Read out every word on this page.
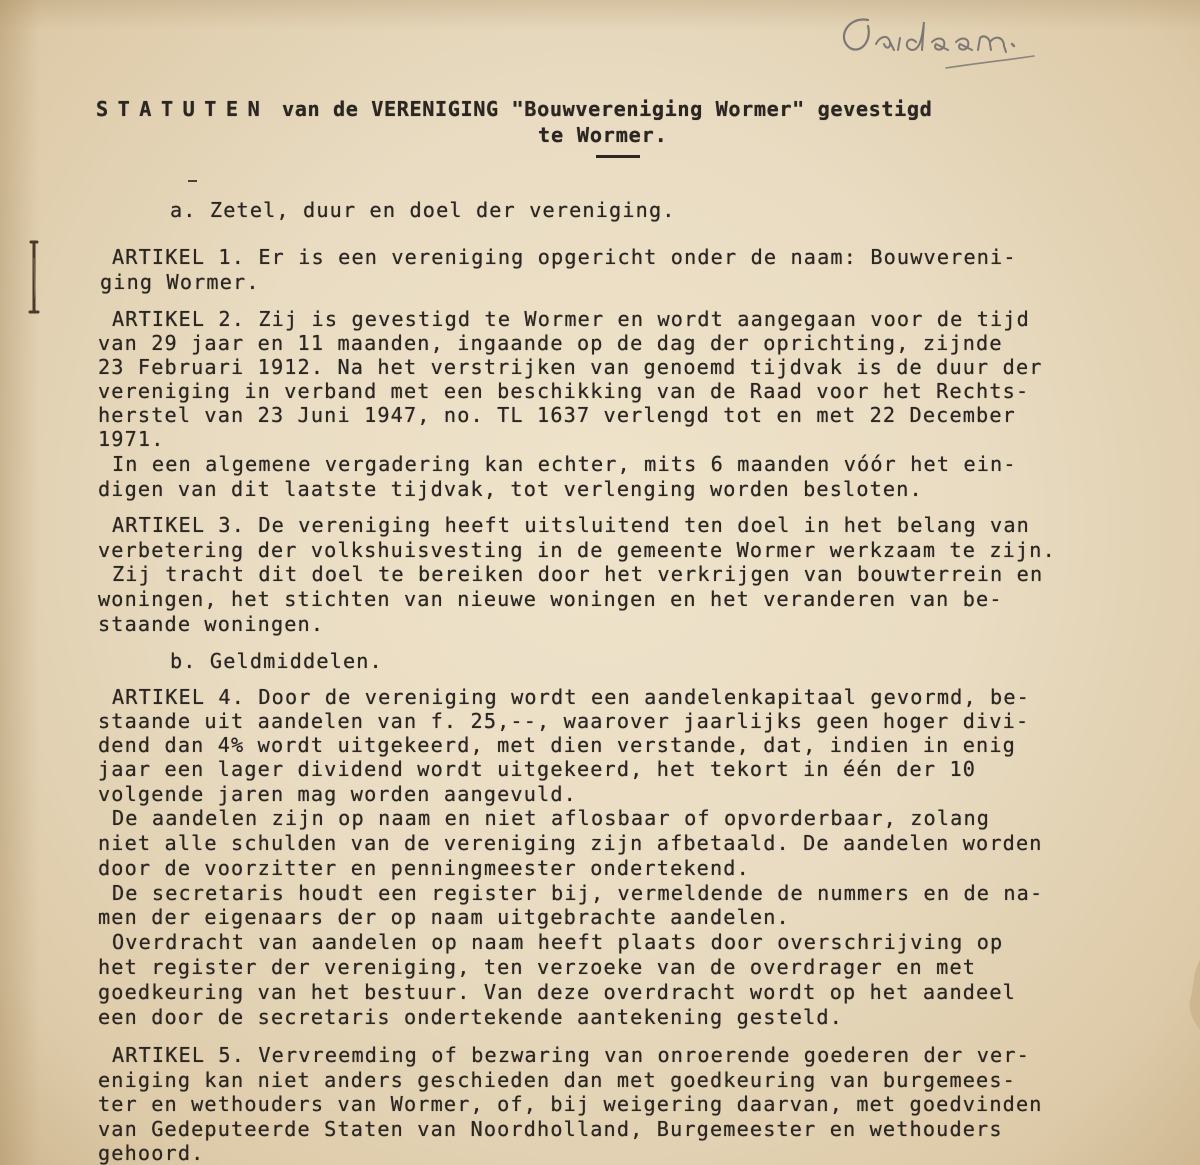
STATUTEN van de VERENIGING "Bouwvereniging Wormer" gevestigd

te Wormer.

a. Zetel, duur en doel der vereniging.

ARTIKEL 1. Er is een vereniging opgericht onder de naam: Bouwvereni-

ging Wormer.

ARTIKEL 2. Zij is gevestigd te Wormer en wordt aangegaan voor de tijd

van 29 jaar en 11 maanden, ingaande op de dag der oprichting, zijnde

23 Februari 1912. Na het verstrijken van genoemd tijdvak is de duur der

vereniging in verband met een beschikking van de Raad voor het Rechts-

herstel van 23 Juni 1947, no. TL 1637 verlengd tot en met 22 December

1971.

In een algemene vergadering kan echter, mits 6 maanden vóór het ein-

digen van dit laatste tijdvak, tot verlenging worden besloten.

ARTIKEL 3. De vereniging heeft uitsluitend ten doel in het belang van

verbetering der volkshuisvesting in de gemeente Wormer werkzaam te zijn.

Zij tracht dit doel te bereiken door het verkrijgen van bouwterrein en

woningen, het stichten van nieuwe woningen en het veranderen van be-

staande woningen.

b. Geldmiddelen.

ARTIKEL 4. Door de vereniging wordt een aandelenkapitaal gevormd, be-

staande uit aandelen van f. 25,--, waarover jaarlijks geen hoger divi-

dend dan 4% wordt uitgekeerd, met dien verstande, dat, indien in enig

jaar een lager dividend wordt uitgekeerd, het tekort in één der 10

volgende jaren mag worden aangevuld.

De aandelen zijn op naam en niet aflosbaar of opvorderbaar, zolang

niet alle schulden van de vereniging zijn afbetaald. De aandelen worden

door de voorzitter en penningmeester ondertekend.

De secretaris houdt een register bij, vermeldende de nummers en de na-

men der eigenaars der op naam uitgebrachte aandelen.

Overdracht van aandelen op naam heeft plaats door overschrijving op

het register der vereniging, ten verzoeke van de overdrager en met

goedkeuring van het bestuur. Van deze overdracht wordt op het aandeel

een door de secretaris ondertekende aantekening gesteld.

ARTIKEL 5. Vervreemding of bezwaring van onroerende goederen der ver-

eniging kan niet anders geschieden dan met goedkeuring van burgemees-

ter en wethouders van Wormer, of, bij weigering daarvan, met goedvinden

van Gedeputeerde Staten van Noordholland, Burgemeester en wethouders

gehoord.
